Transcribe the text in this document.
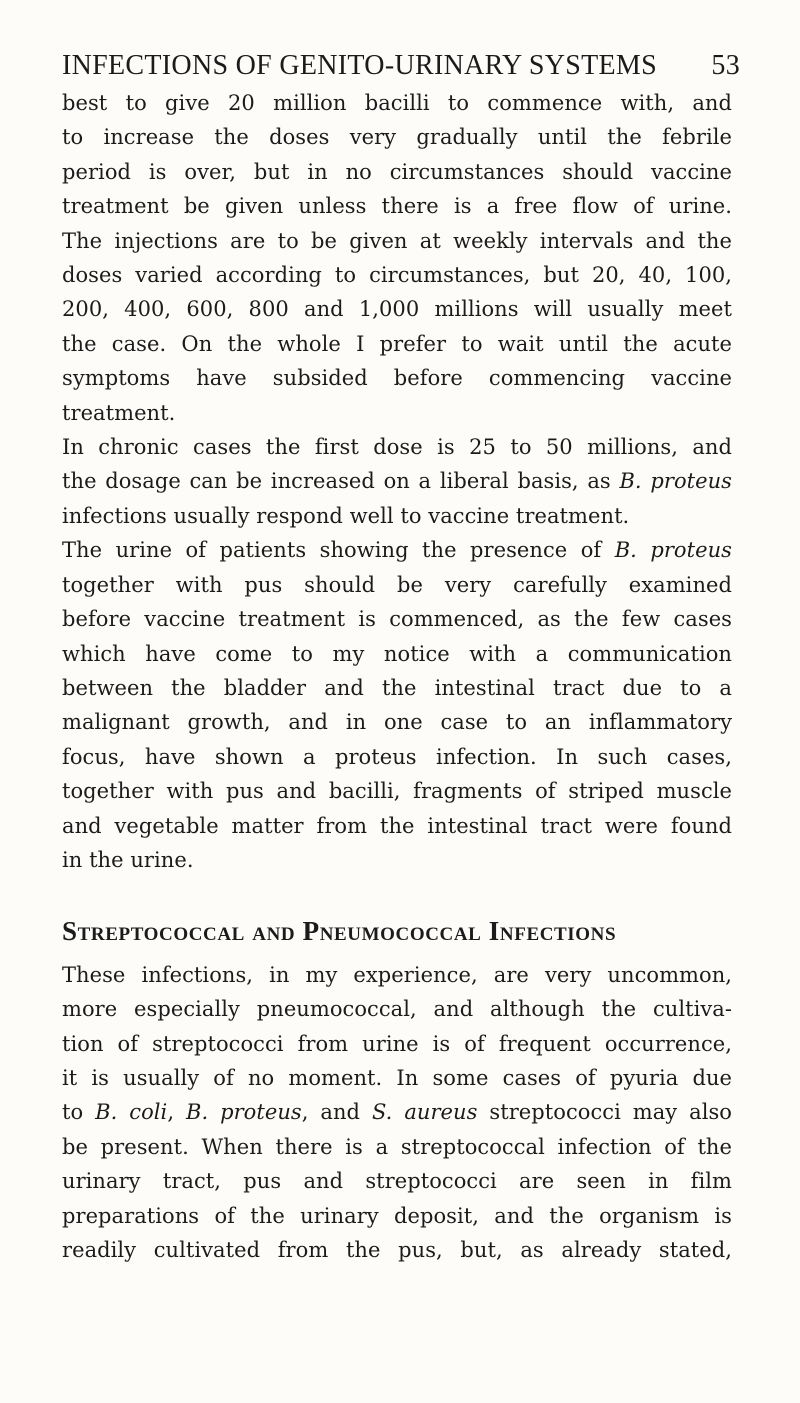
INFECTIONS OF GENITO-URINARY SYSTEMS 53

best to give 20 million bacilli to commence with, and
to increase the doses very gradually until the febrile
period is over, but in no circumstances should vaccine
treatment be given unless there is a free flow of urine.
The injections are to be given at weekly intervals and the
doses varied according to circumstances, but 20, 40, 100,
200, 400, 600, 800 and 1,000 millions will usually meet
the case. On the whole I prefer to wait until the acute
symptoms have subsided before commencing vaccine
treatment.

In chronic cases the first dose is 25 to 50 millions, and
the dosage can be increased on a liberal basis, as B. proteus
infections usually respond well to vaccine treatment.

The urine of patients showing the presence of B. proteus
together with pus should be very carefully examined
before vaccine treatment is commenced, as the few cases
which have come to my notice with a communication
between the bladder and the intestinal tract due to a
malignant growth, and in one case to an inflammatory
focus, have shown a proteus infection. In such cases,
together with pus and bacilli, fragments of striped muscle
and vegetable matter from the intestinal tract were found
in the urine.

Streptococcal and Pneumococcal Infections

These infections, in my experience, are very uncommon,
more especially pneumococcal, and although the cultiva-
tion of streptococci from urine is of frequent occurrence,
it is usually of no moment. In some cases of pyuria due
to B. coli, B. proteus, and S. aureus streptococci may also
be present. When there is a streptococcal infection of the
urinary tract, pus and streptococci are seen in film
preparations of the urinary deposit, and the organism is
readily cultivated from the pus, but, as already stated,
